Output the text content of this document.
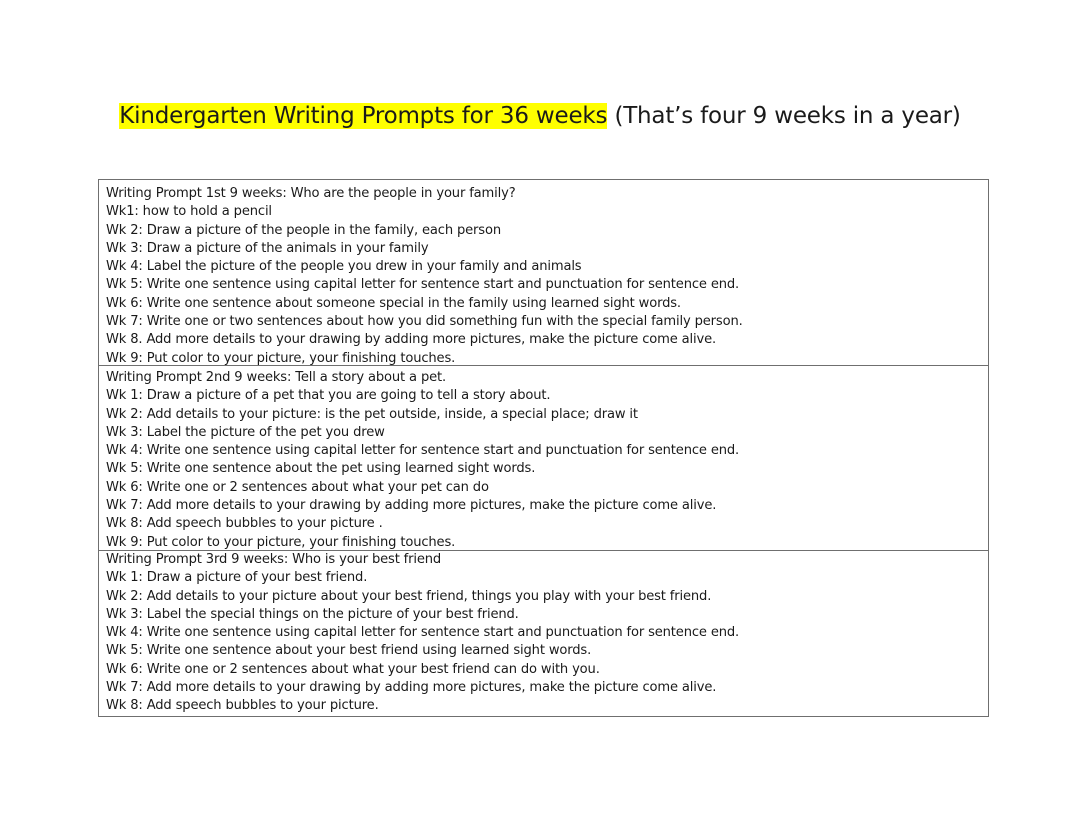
Kindergarten Writing Prompts for 36 weeks (That’s four 9 weeks in a year)
Writing Prompt 1st 9 weeks: Who are the people in your family?
Wk1: how to hold a pencil
Wk 2: Draw a picture of the people in the family, each person
Wk 3: Draw a picture of the animals in your family
Wk 4: Label the picture of the people you drew in your family and animals
Wk 5: Write one sentence using capital letter for sentence start and punctuation for sentence end.
Wk 6: Write one sentence about someone special in the family using learned sight words.
Wk 7: Write one or two sentences about how you did something fun with the special family person.
Wk 8. Add more details to your drawing by adding more pictures, make the picture come alive.
Wk 9: Put color to your picture, your finishing touches.
Writing Prompt 2nd 9 weeks: Tell a story about a pet.
Wk 1: Draw a picture of a pet that you are going to tell a story about.
Wk 2: Add details to your picture: is the pet outside, inside, a special place; draw it
Wk 3: Label the picture of the pet you drew
Wk 4: Write one sentence using capital letter for sentence start and punctuation for sentence end.
Wk 5: Write one sentence about the pet using learned sight words.
Wk 6: Write one or 2 sentences about what your pet can do
Wk 7: Add more details to your drawing by adding more pictures, make the picture come alive.
Wk 8: Add speech bubbles to your picture .
Wk 9: Put color to your picture, your finishing touches.
Writing Prompt 3rd 9 weeks: Who is your best friend
Wk 1: Draw a picture of your best friend.
Wk 2: Add details to your picture about your best friend, things you play with your best friend.
Wk 3: Label the special things on the picture of your best friend.
Wk 4: Write one sentence using capital letter for sentence start and punctuation for sentence end.
Wk 5: Write one sentence about your best friend using learned sight words.
Wk 6: Write one or 2 sentences about what your best friend can do with you.
Wk 7: Add more details to your drawing by adding more pictures, make the picture come alive.
Wk 8: Add speech bubbles to your picture.
